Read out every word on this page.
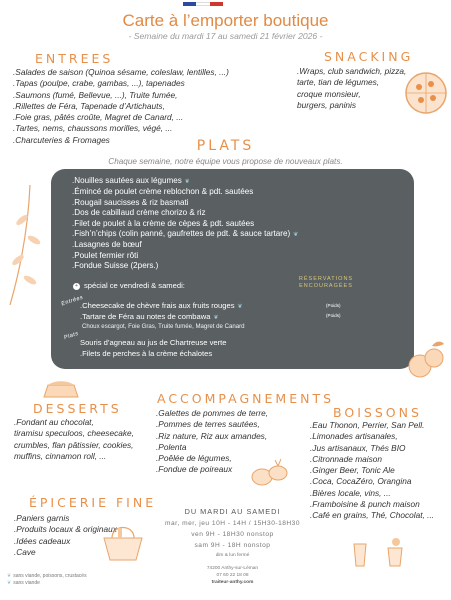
Carte à l’emporter boutique
- Semaine du mardi 17 au samedi 21 février 2026 -
ENTREES
.Salades de saison (Quinoa sésame, coleslaw, lentilles, ...)
.Tapas (poulpe, crabe, gambas, ...), tapenades
.Saumons (fumé, Bellevue, ...), Truite fumée,
.Rillettes de Féra, Tapenade d’Artichauts,
.Foie gras, pâtés croûte, Magret de Canard, ...
.Tartes, nems, chaussons morilles, végé, ...
.Charcuteries & Fromages
SNACKING
.Wraps, club sandwich, pizza,
tarte, tian de légumes,
croque monsieur,
burgers, paninis
PLATS
Chaque semaine, notre équipe vous propose de nouveaux plats.
.Nouilles sautées aux légumes ❦
.Émincé de poulet crème reblochon & pdt. sautées
.Rougail saucisses & riz basmati
.Dos de cabillaud crème chorizo & riz
.Filet de poulet à la crème de cèpes & pdt. sautées
.Fish’n’chips (colin panné, gaufrettes de pdt. & sauce tartare) ❦
.Lasagnes de bœuf
.Poulet fermier rôti
.Fondue Suisse (2pers.)
+ spécial ce vendredi & samedi:
Entrées
.Cheesecake de chèvre frais aux fruits rouges ❦
.Tartare de Féra au notes de combawa ❦
Choux escargot, Foie Gras, Truite fumée, Magret de Canard
Plats
Souris d’agneau au jus de Chartreuse verte
.Filets de perches à la crème échalotes
RÉSERVATIONS ENCOURAGÉES
(Poids)
(Poids)
DESSERTS
.Fondant au chocolat,
tiramisu speculoos, cheesecake,
crumbles, flan pâtissier, cookies,
muffins, cinnamon roll, ...
ACCOMPAGNEMENTS
.Galettes de pommes de terre,
.Pommes de terres sautées,
.Riz nature, Riz aux amandes,
.Polenta
.Poêlée de légumes,
.Fondue de poireaux
BOISSONS
.Eau Thonon, Perrier, San Pell.
.Limonades artisanales,
.Jus artisanaux, Thés BIO
.Citronnade maison
.Ginger Beer, Tonic Ale
.Coca, CocaZéro, Orangina
.Bières locale, vins, ...
.Framboisine & punch maison
.Café en grains, Thé, Chocolat, ...
ÉPICERIE FINE
.Paniers garnis
.Produits locaux & originaux
.Idées cadeaux
.Cave
DU MARDI AU SAMEDI
mar, mer, jeu 10H - 14H / 15H30-18H30
ven 9H - 18H30 nonstop
sam 9H - 18H nonstop
dim & lun fermé
74200 Anthy-sur-Léman
07 60 22 18 08
traiteur-anthy.com
❦ sans viande, poissons, crustacés
❦ sans viande
